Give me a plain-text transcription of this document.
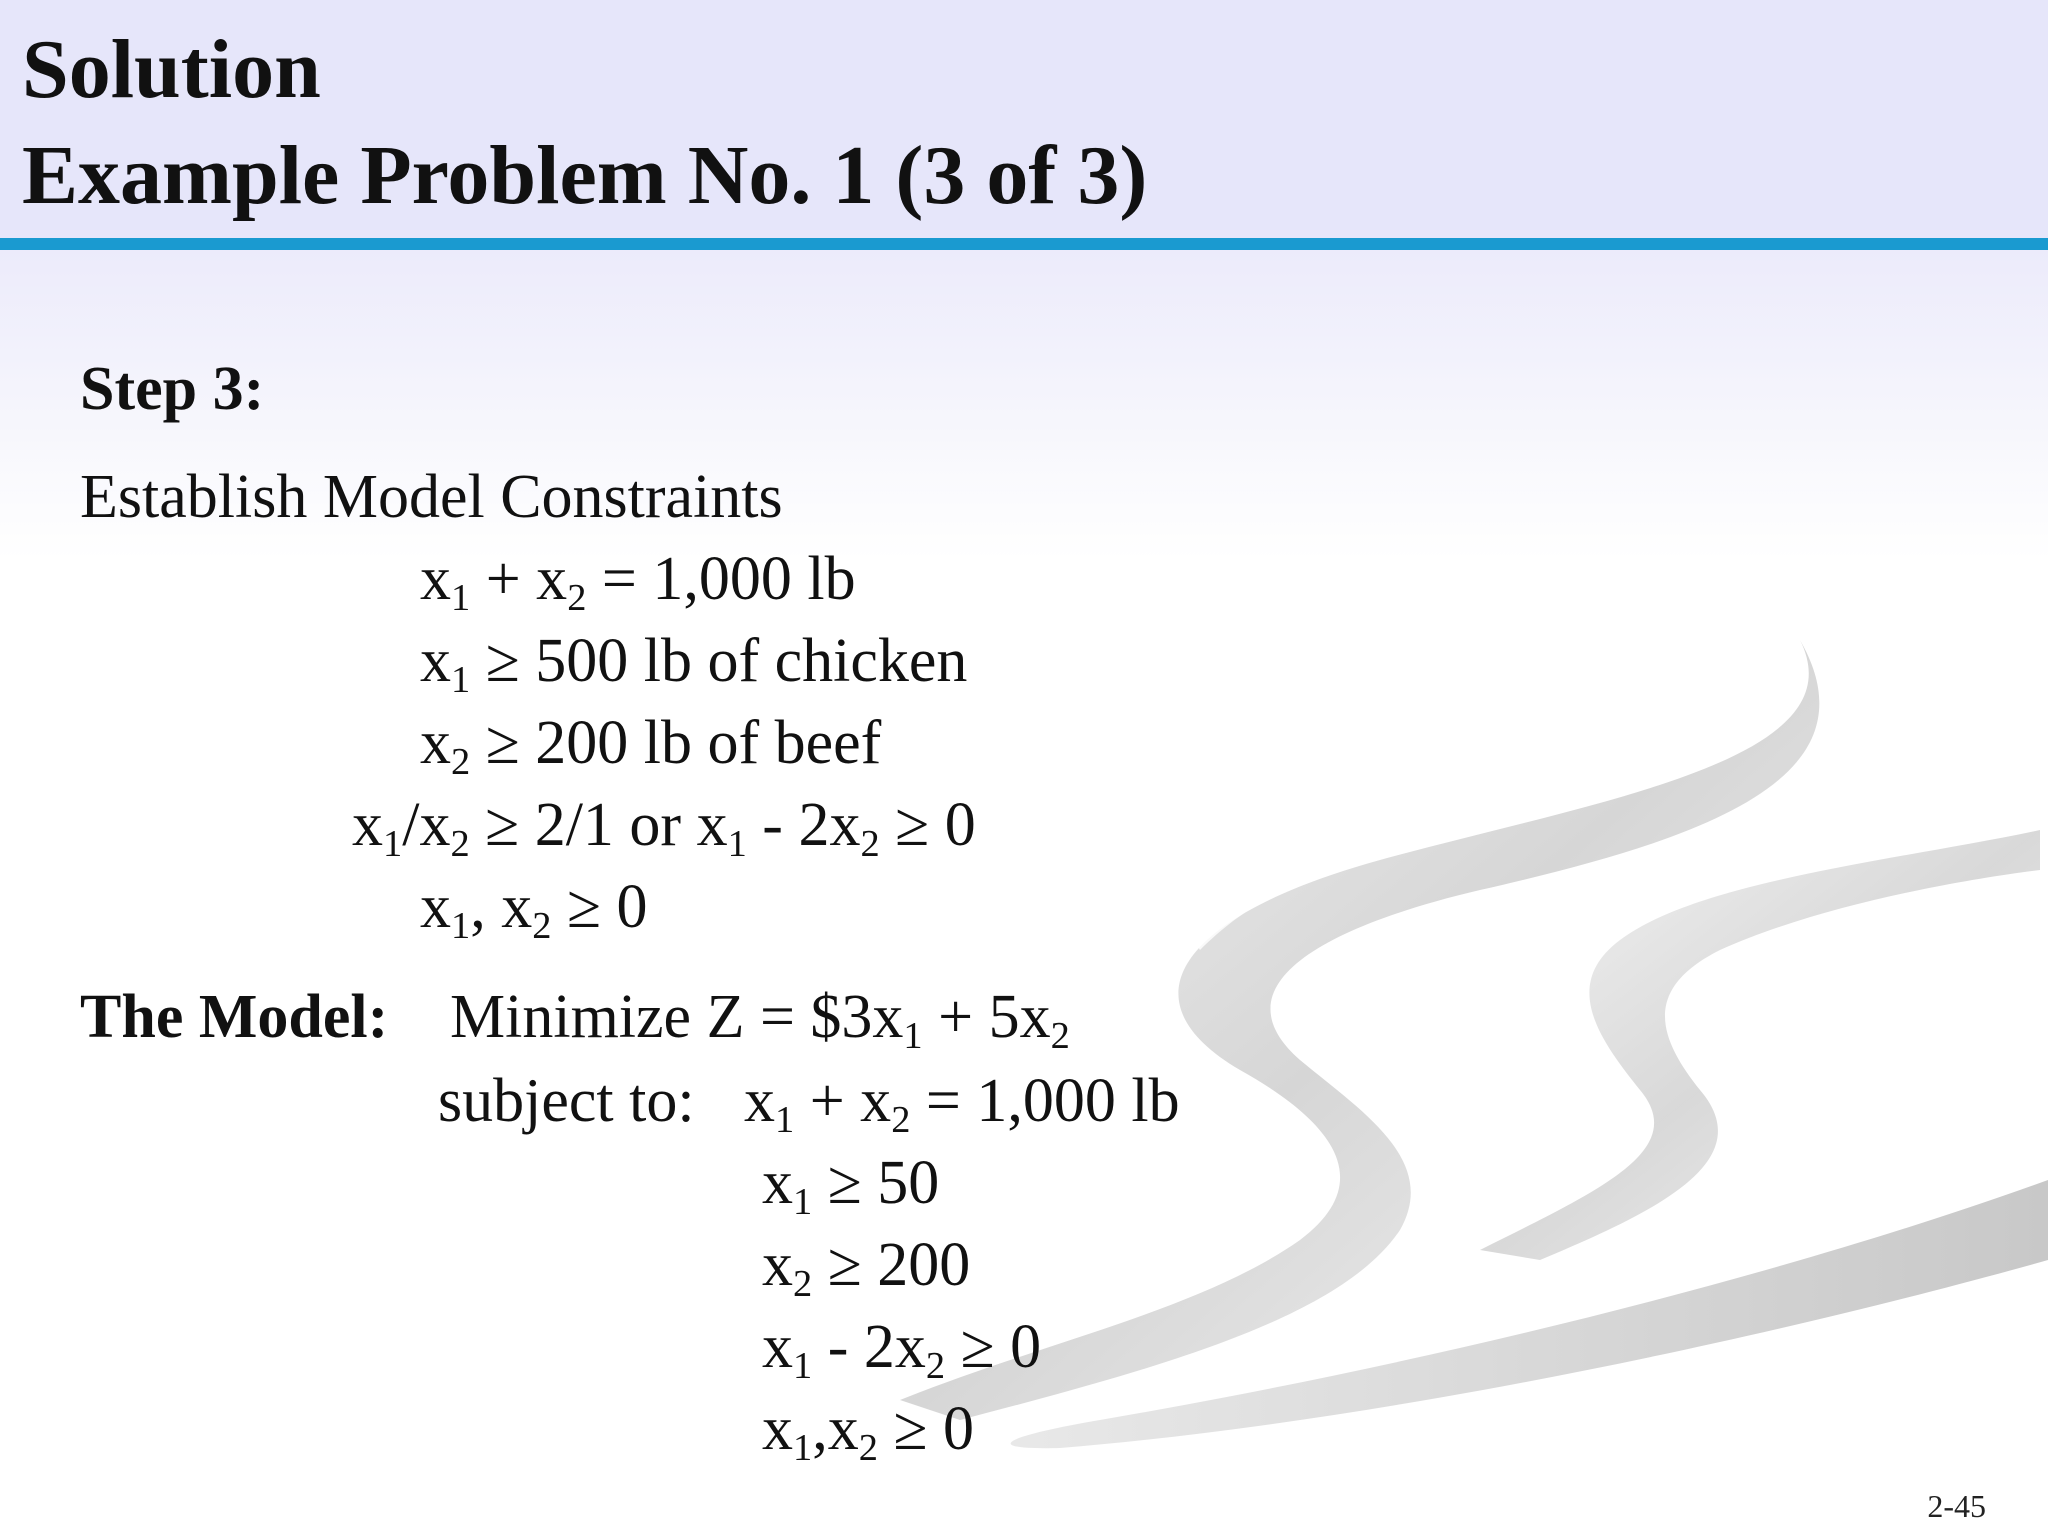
Solution
Example Problem No. 1 (3 of 3)
Step 3:
Establish Model Constraints
$x_1 + x_2 = 1,000$ lb
$x_1 \ge 500$ lb of chicken
$x_2 \ge 200$ lb of beef
$x_1/x_2 \ge 2/1$ or $x_1 - 2x_2 \ge 0$
$x_1$, $x_2 \ge 0$
The Model: Minimize $Z = \$3x_1 + 5x_2$
subject to: $x_1 + x_2 = 1,000$ lb
$x_1 \ge 50$
$x_2 \ge 200$
$x_1 - 2x_2 \ge 0$
$x_1,x_2 \ge 0$
2-45
